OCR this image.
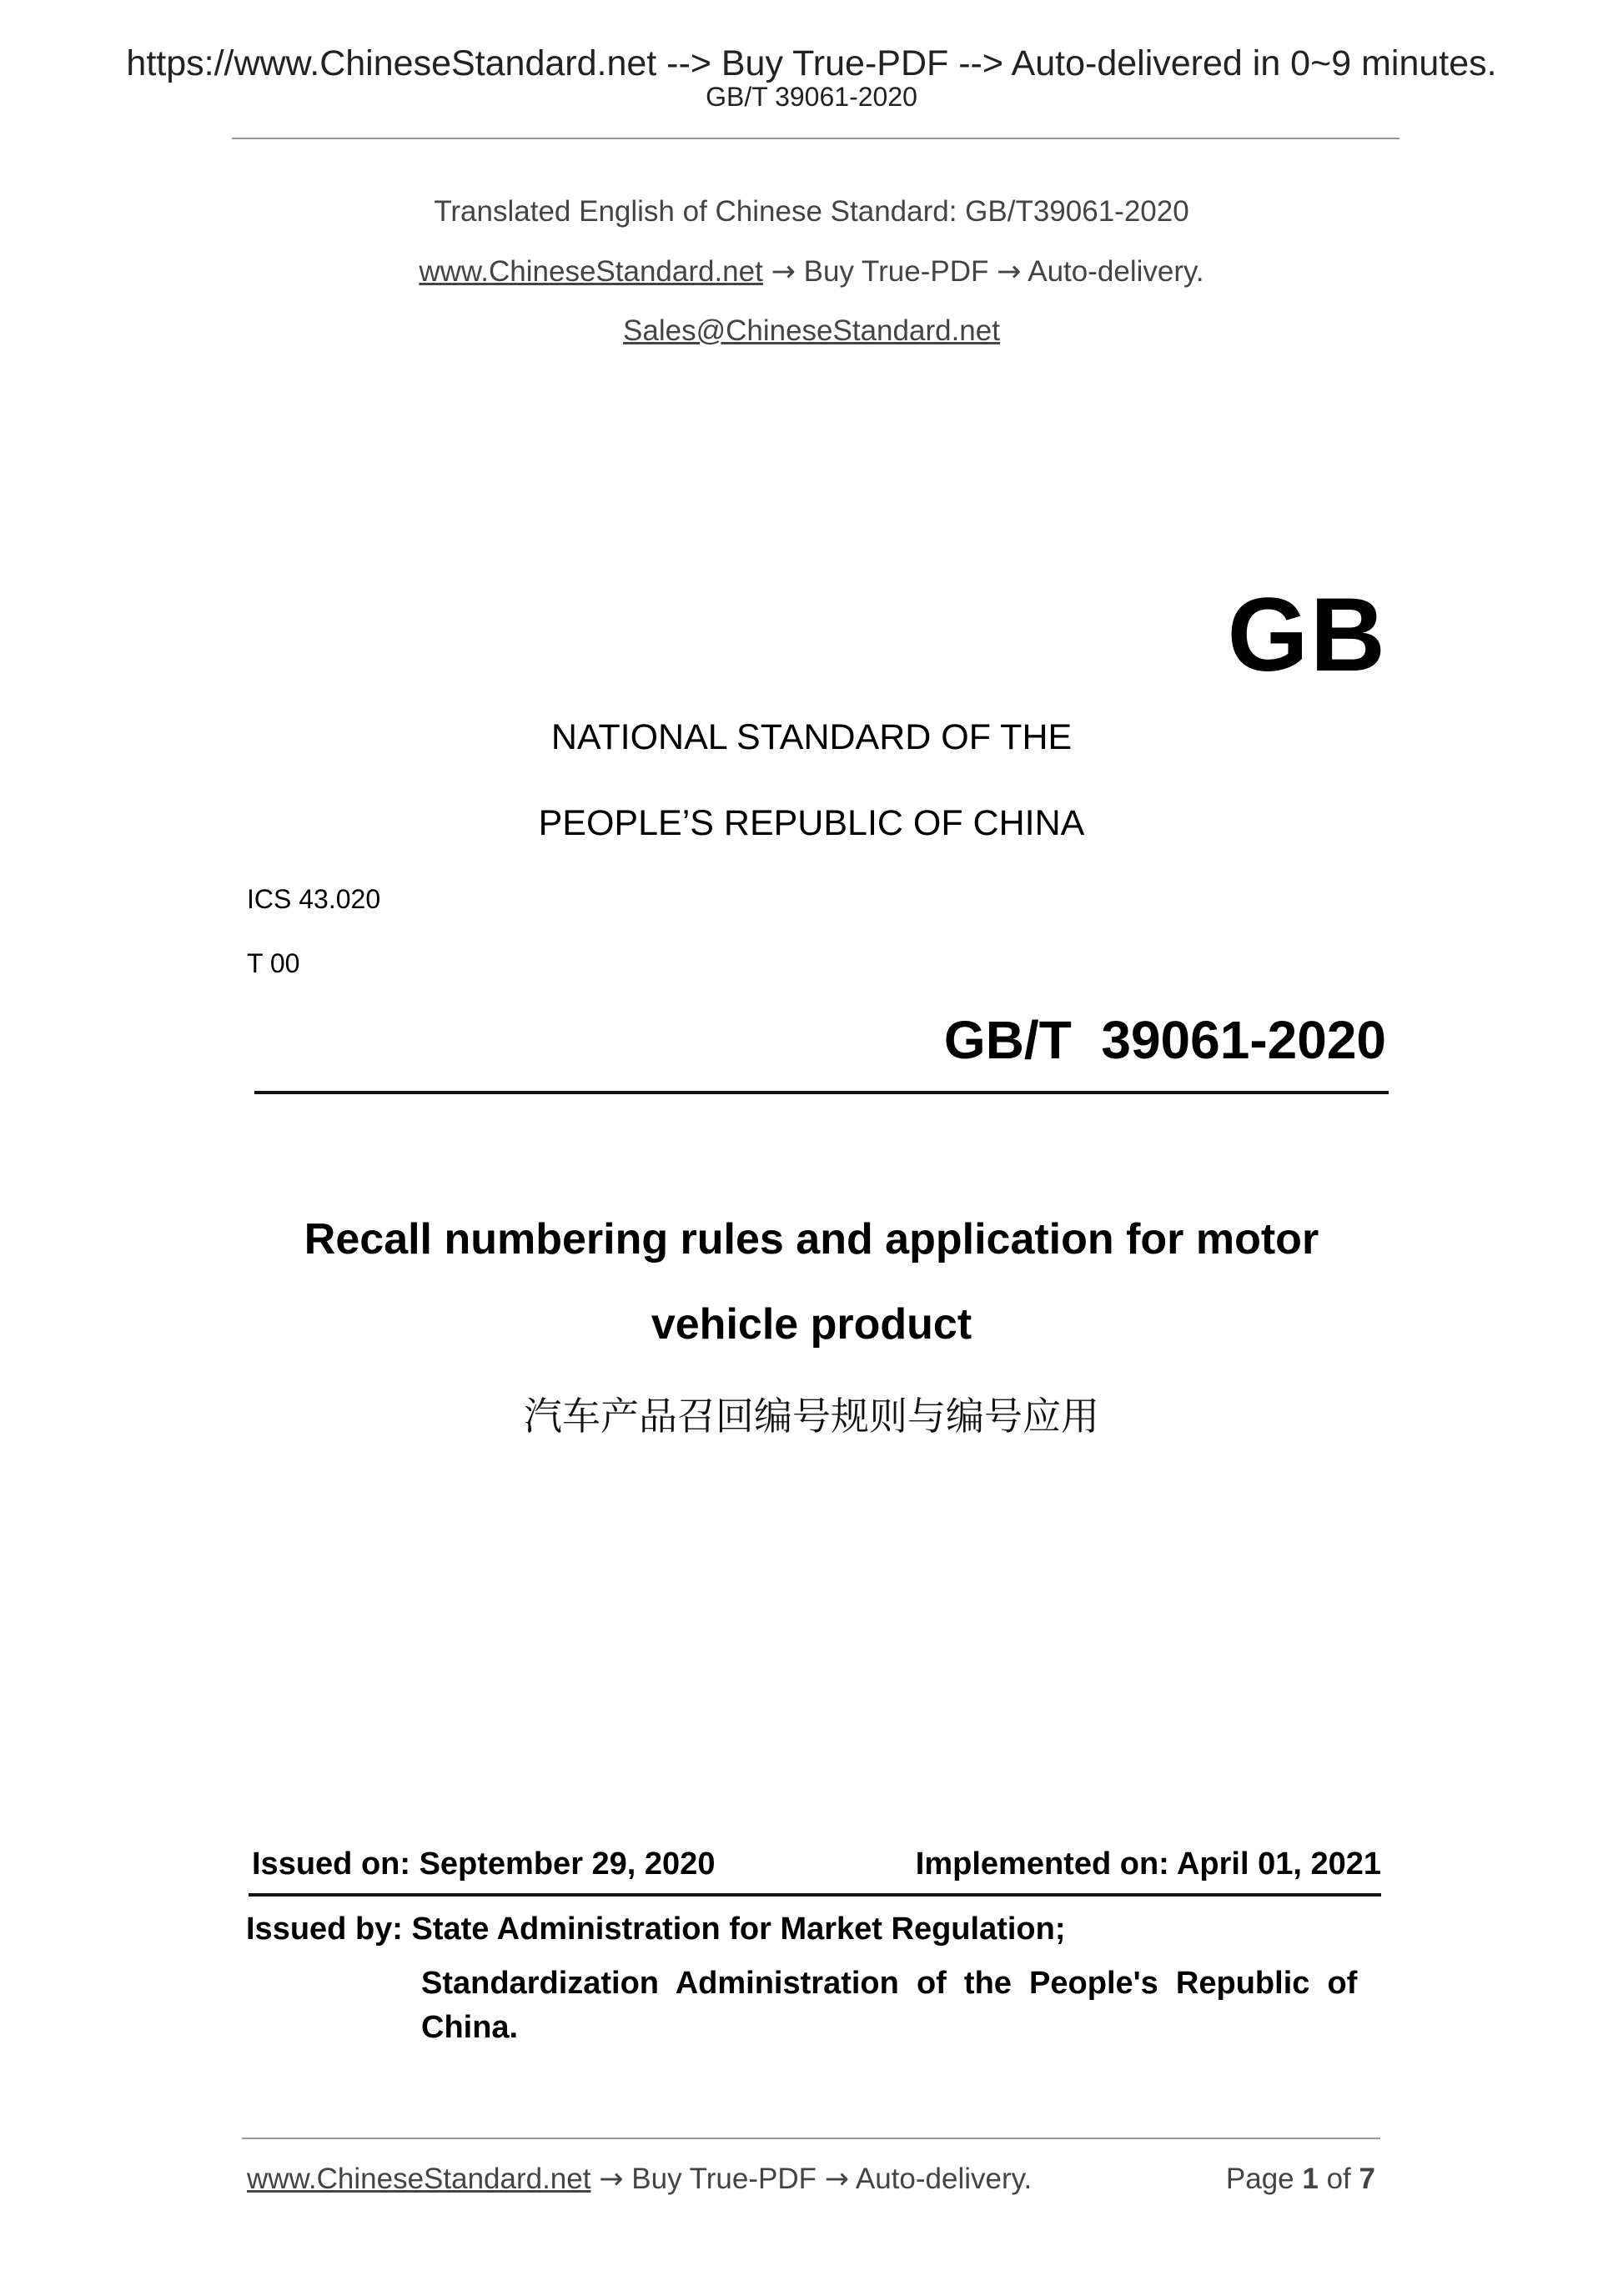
https://www.ChineseStandard.net --> Buy True-PDF --> Auto-delivered in 0~9 minutes.
GB/T 39061-2020
Translated English of Chinese Standard: GB/T39061-2020
www.ChineseStandard.net → Buy True-PDF → Auto-delivery.
Sales@ChineseStandard.net
GB
NATIONAL STANDARD OF THE
PEOPLE’S REPUBLIC OF CHINA
ICS 43.020
T 00
GB/T  39061-2020
Recall numbering rules and application for motor
vehicle product
汽车产品召回编号规则与编号应用
Issued on: September 29, 2020	Implemented on: April 01, 2021
Issued by: State Administration for Market Regulation;
Standardization  Administration  of  the  People's  Republic  of
China.
www.ChineseStandard.net → Buy True-PDF → Auto-delivery.	Page 1 of 7
